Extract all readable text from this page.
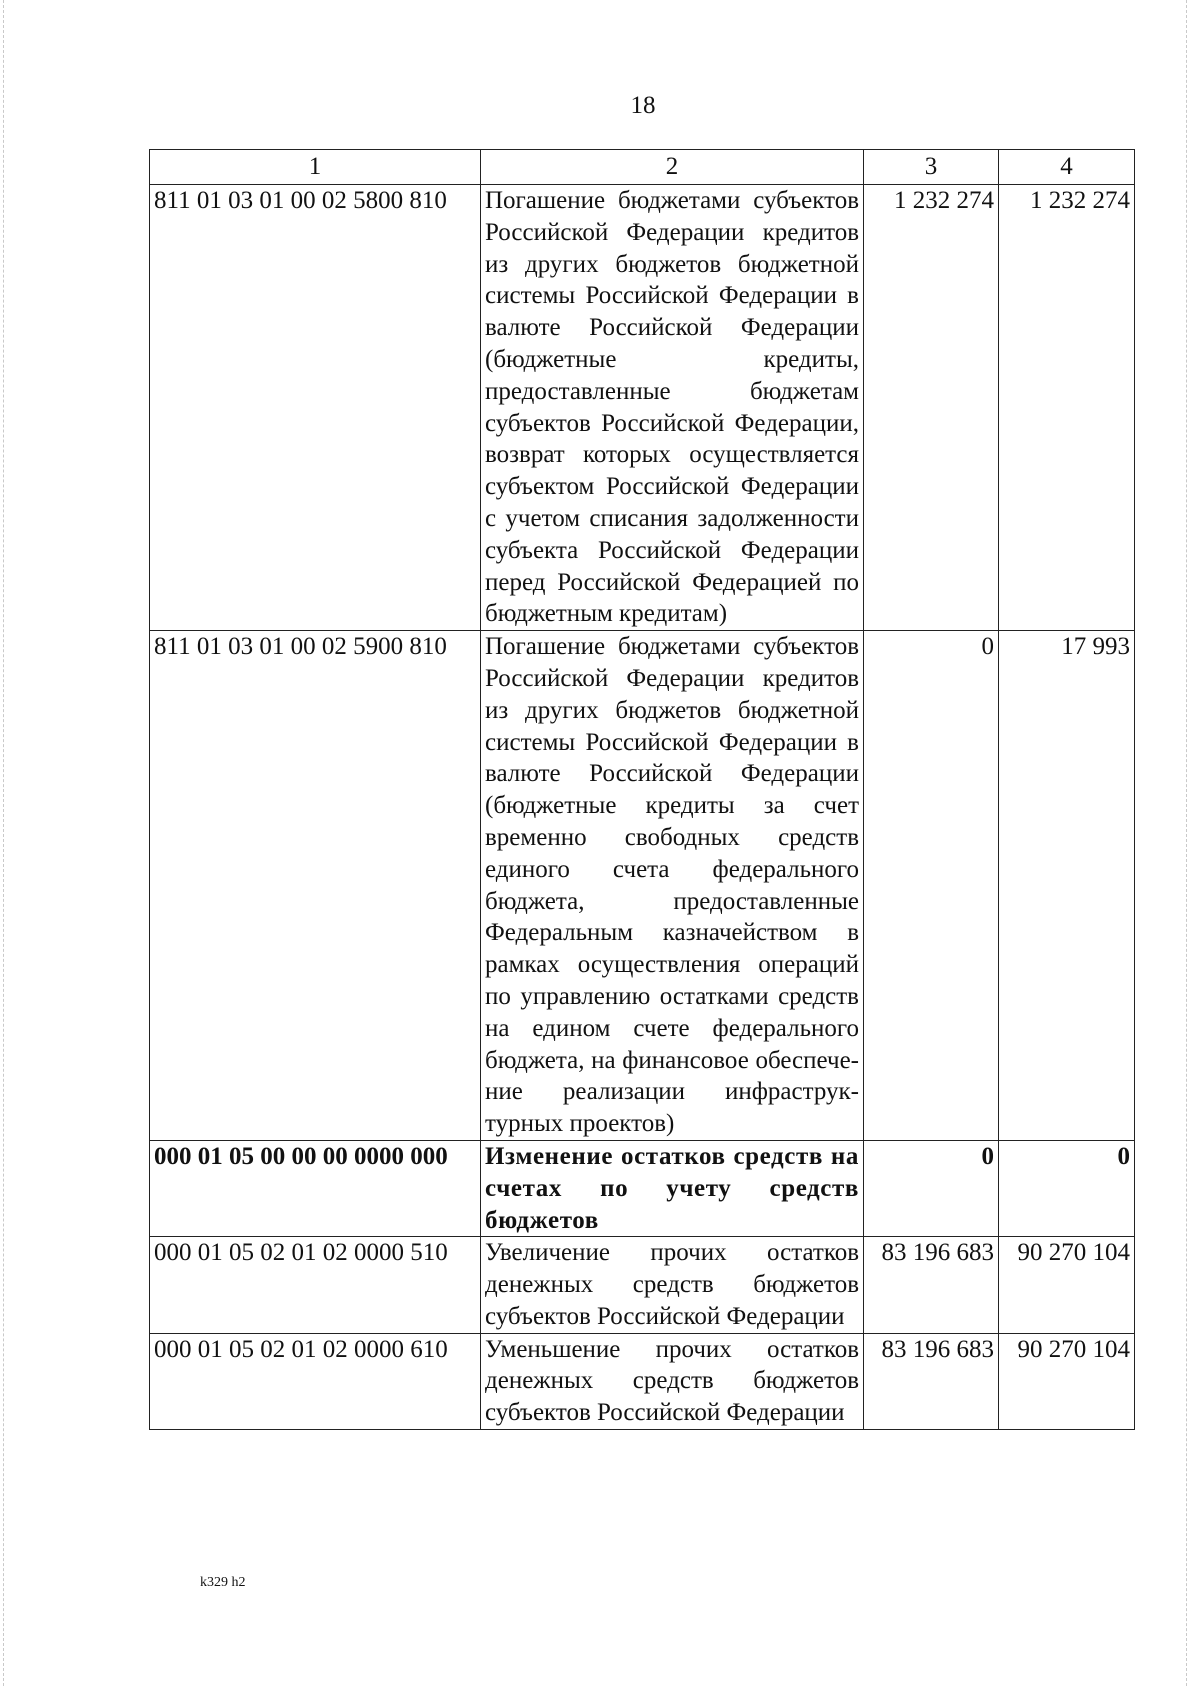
18
1	2	3	4
811 01 03 01 00 02 5800 810	Погашение бюджетами субъектов Российской Федерации кредитов из других бюджетов бюджетной системы Российской Федерации в валюте Российской Федерации (бюджетные кредиты, предоставленные бюджетам субъектов Российской Федерации, возврат которых осуществляется субъектом Российской Федерации с учетом списания задолженности субъекта Российской Федерации перед Российской Федерацией по бюджетным кредитам)	1 232 274	1 232 274
811 01 03 01 00 02 5900 810	Погашение бюджетами субъектов Российской Федерации кредитов из других бюджетов бюджетной системы Российской Федерации в валюте Российской Федерации (бюджетные кредиты за счет временно свободных средств единого счета федерального бюджета, предоставленные Федеральным казначейством в рамках осуществления операций по управлению остатками средств на едином счете федерального бюджета, на финансовое обеспечение реализации инфраструктурных проектов)	0	17 993
000 01 05 00 00 00 0000 000	Изменение остатков средств на счетах по учету средств бюджетов	0	0
000 01 05 02 01 02 0000 510	Увеличение прочих остатков денежных средств бюджетов субъектов Российской Федерации	83 196 683	90 270 104
000 01 05 02 01 02 0000 610	Уменьшение прочих остатков денежных средств бюджетов субъектов Российской Федерации	83 196 683	90 270 104
k329 h2
